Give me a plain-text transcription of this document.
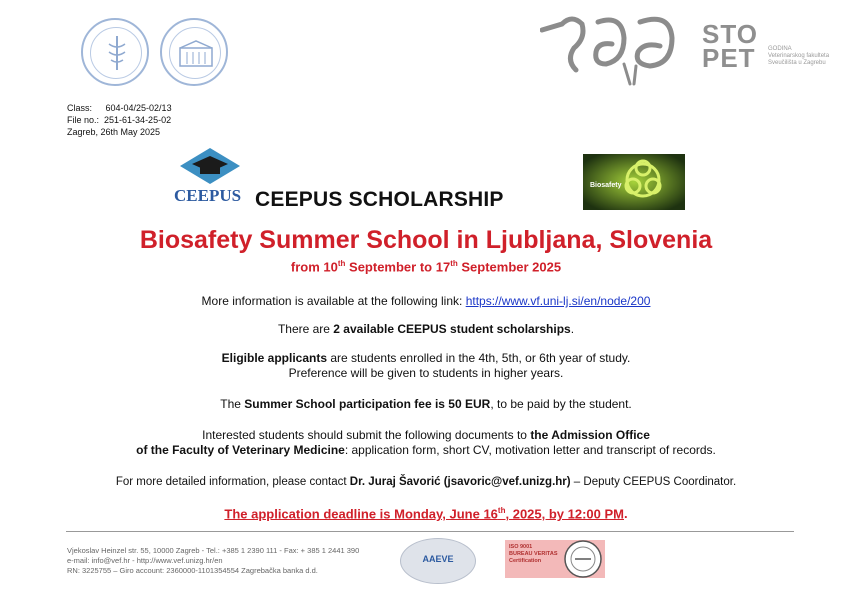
STO
PET	GODINA
Veterinarskog fakulteta
Sveučilišta u Zagrebu
Class: 604-04/25-02/13
File no.: 251-61-34-25-02
Zagreb, 26th May 2025
CEEPUS CEEPUS SCHOLARSHIP
Biosafety
Biosafety Summer School in Ljubljana, Slovenia
from 10th September to 17th September 2025
More information is available at the following link: https://www.vf.uni-lj.si/en/node/200
There are 2 available CEEPUS student scholarships.
Eligible applicants are students enrolled in the 4th, 5th, or 6th year of study.
Preference will be given to students in higher years.
The Summer School participation fee is 50 EUR, to be paid by the student.
Interested students should submit the following documents to the Admission Office
of the Faculty of Veterinary Medicine: application form, short CV, motivation letter and transcript of records.
For more detailed information, please contact Dr. Juraj Šavorić (jsavoric@vef.unizg.hr) – Deputy CEEPUS Coordinator.
The application deadline is Monday, June 16th, 2025, by 12:00 PM.
Vjekoslav Heinzel str. 55, 10000 Zagreb - Tel.: +385 1 2390 111 - Fax: + 385 1 2441 390
e-mail: info@vef.hr - http://www.vef.unizg.hr/en
RN: 3225755 – Giro account: 2360000-1101354554 Zagrebačka banka d.d.
AAEVE
ISO 9001
BUREAU VERITAS
Certification
